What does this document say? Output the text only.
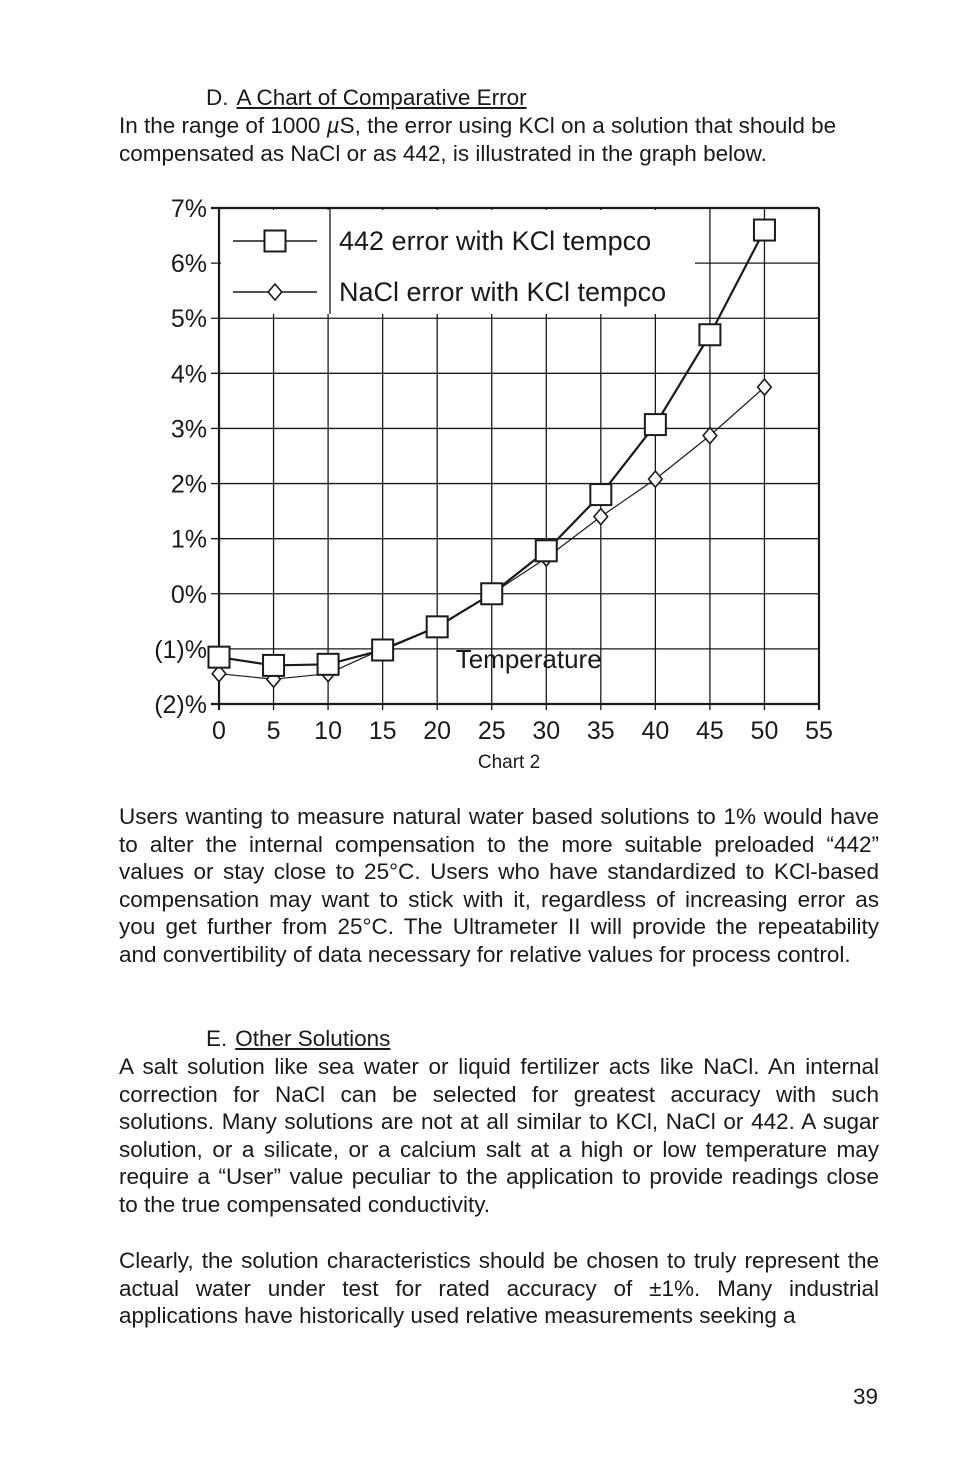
D. A Chart of Comparative Error
In the range of 1000 µS, the error using KCl on a solution that should be compensated as NaCl or as 442, is illustrated in the graph below.
0 5 10 15 20 25 30 35 40 45 50 55
7%
6%
5%
4%
3%
2%
1%
0%
(1)%
(2)%
442 error with KCl tempco
NaCl error with KCl tempco
Temperature
Chart 2

Users wanting to measure natural water based solutions to 1% would have to alter the internal compensation to the more suitable preloaded “442” values or stay close to 25°C. Users who have standardized to KCl-based compensation may want to stick with it, regardless of increasing error as you get further from 25°C. The Ultrameter II will provide the repeatability and convertibility of data necessary for relative values for process control.

E. Other Solutions

A salt solution like sea water or liquid fertilizer acts like NaCl. An internal correction for NaCl can be selected for greatest accuracy with such solutions. Many solutions are not at all similar to KCl, NaCl or 442. A sugar solution, or a silicate, or a calcium salt at a high or low temperature may require a “User” value peculiar to the application to provide readings close to the true compensated conductivity.

Clearly, the solution characteristics should be chosen to truly represent the actual water under test for rated accuracy of ±1%. Many industrial applications have historically used relative measurements seeking a

39
